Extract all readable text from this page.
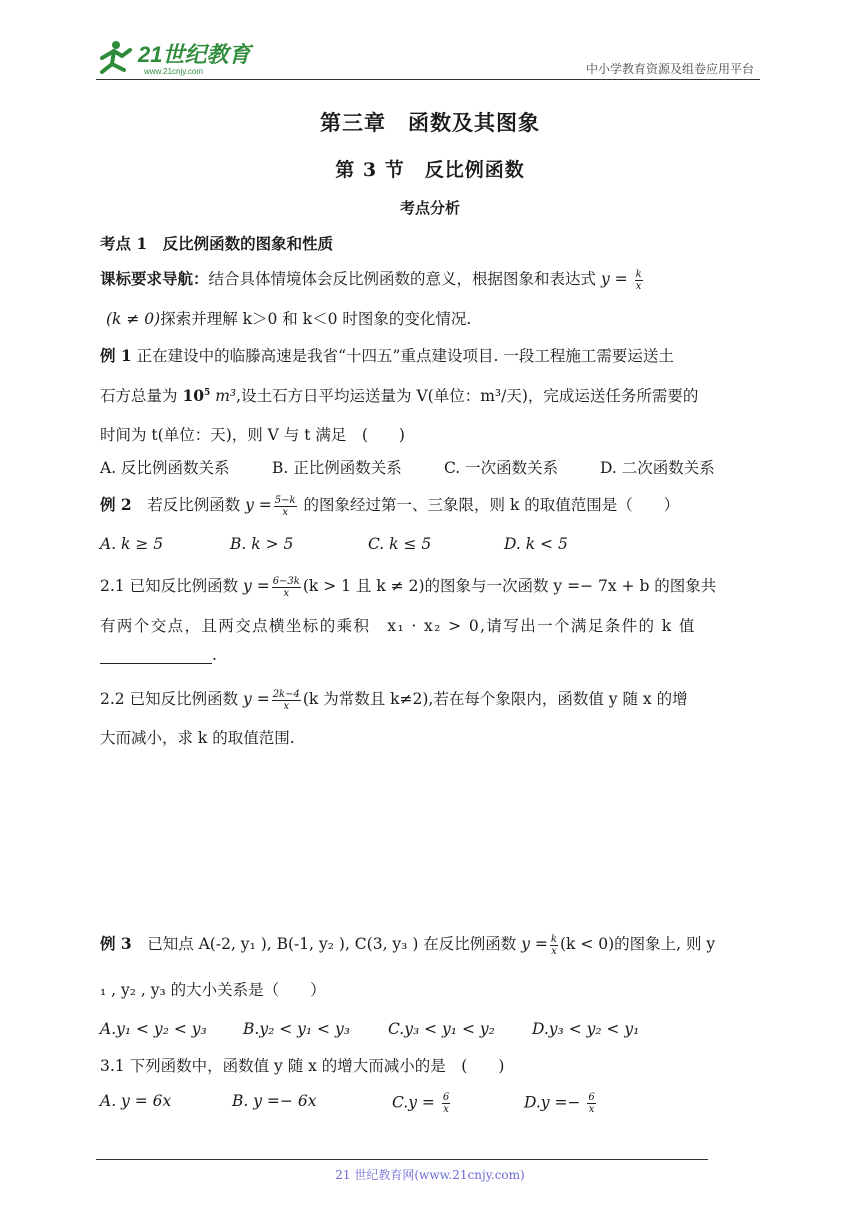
21世纪教育
www.21cnjy.com	中小学教育资源及组卷应用平台
第三章　函数及其图象
第 3 节　反比例函数
考点分析
考点 1　反比例函数的图象和性质
课标要求导航：结合具体情境体会反比例函数的意义，根据图象和表达式 $y = \frac{k}{x}$
(k ≠ 0)探索并理解 k＞0 和 k＜0 时图象的变化情况.
例 1 正在建设中的临滕高速是我省“十四五”重点建设项目. 一段工程施工需要运送土
石方总量为 $10^5$ m³,设土石方日平均运送量为 V(单位：m³/天)，完成运送任务所需要的
时间为 t(单位：天)，则 V 与 t 满足　(　　)
A. 反比例函数关系	B. 正比例函数关系	C. 一次函数关系	D. 二次函数关系
例 2　若反比例函数 $y = \frac{5-k}{x}$ 的图象经过第一、三象限，则 k 的取值范围是（　　）
A. k ≥ 5	B. k > 5	C. k ≤ 5	D. k < 5
2.1 已知反比例函数 $y = \frac{6-3k}{x} (k > 1$ 且 k ≠ 2)的图象与一次函数 y =− 7x + b 的图象共
有两个交点，且两交点横坐标的乘积　x₁ · x₂ > 0,请写出一个满足条件的 k 值
.
2.2 已知反比例函数 $y = \frac{2k-4}{x} (k$ 为常数且 k≠2),若在每个象限内，函数值 y 随 x 的增
大而减小，求 k 的取值范围.
例 3　已知点 A(-2, y₁ ), B(-1, y₂ ), C(3, y₃ ) 在反比例函数 $y = \frac{k}{x} (k < 0)$的图象上, 则 y
₁ , y₂ , y₃ 的大小关系是（　　）
A.y₁ < y₂ < y₃ B.y₂ < y₁ < y₃ C.y₃ < y₁ < y₂ D.y₃ < y₂ < y₁
3.1 下列函数中，函数值 y 随 x 的增大而减小的是　(　　)
A. y = 6x	B. y =− 6x	$C.y = \frac{6}{x}$	$D.y =- \frac{6}{x}$
21 世纪教育网(www.21cnjy.com)
